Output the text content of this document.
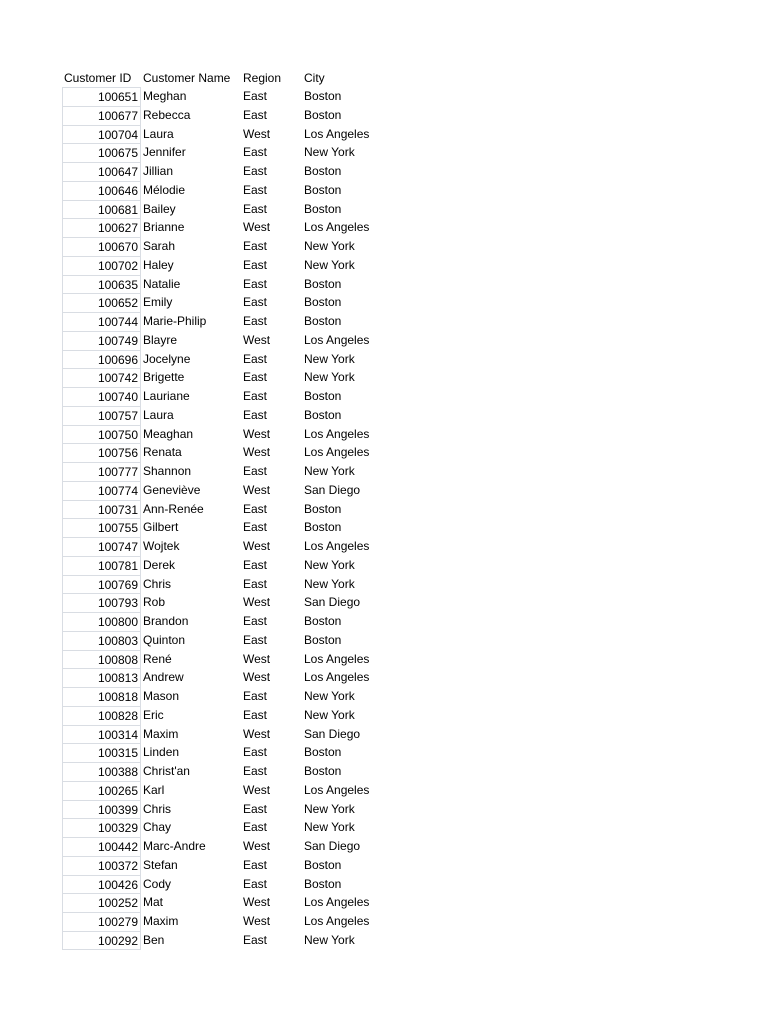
Customer ID Customer Name	Region	City
100651 Meghan	East	Boston
100677 Rebecca	East	Boston
100704 Laura	West	Los Angeles
100675 Jennifer	East	New York
100647 Jillian	East	Boston
100646 Mélodie	East	Boston
100681 Bailey	East	Boston
100627 Brianne	West	Los Angeles
100670 Sarah	East	New York
100702 Haley	East	New York
100635 Natalie	East	Boston
100652 Emily	East	Boston
100744 Marie-Philip	East	Boston
100749 Blayre	West	Los Angeles
100696 Jocelyne	East	New York
100742 Brigette	East	New York
100740 Lauriane	East	Boston
100757 Laura	East	Boston
100750 Meaghan	West	Los Angeles
100756 Renata	West	Los Angeles
100777 Shannon	East	New York
100774 Geneviève	West	San Diego
100731 Ann-Renée	East	Boston
100755 Gilbert	East	Boston
100747 Wojtek	West	Los Angeles
100781 Derek	East	New York
100769 Chris	East	New York
100793 Rob	West	San Diego
100800 Brandon	East	Boston
100803 Quinton	East	Boston
100808 René	West	Los Angeles
100813 Andrew	West	Los Angeles
100818 Mason	East	New York
100828 Eric	East	New York
100314 Maxim	West	San Diego
100315 Linden	East	Boston
100388 Christ'an	East	Boston
100265 Karl	West	Los Angeles
100399 Chris	East	New York
100329 Chay	East	New York
100442 Marc-Andre	West	San Diego
100372 Stefan	East	Boston
100426 Cody	East	Boston
100252 Mat	West	Los Angeles
100279 Maxim	West	Los Angeles
100292 Ben	East	New York
